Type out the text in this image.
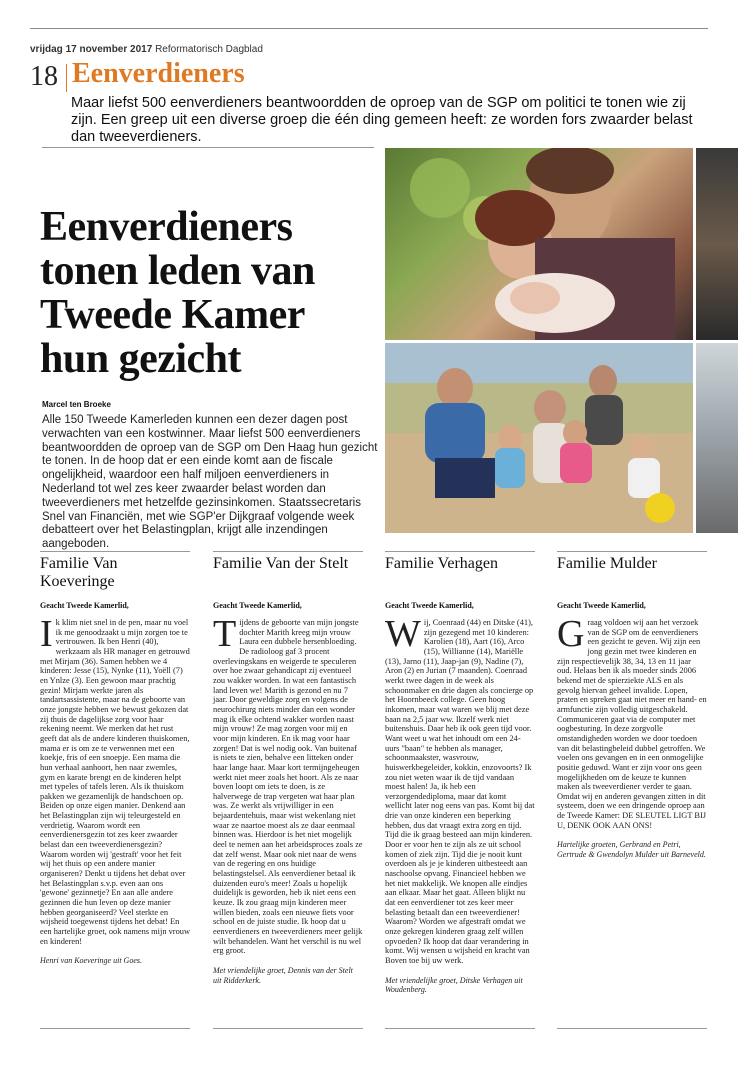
vrijdag 17 november 2017 Reformatorisch Dagblad
18 Eenverdieners
Maar liefst 500 eenverdieners beantwoordden de oproep van de SGP om politici te tonen wie zij zijn. Een greep uit een diverse groep die één ding gemeen heeft: ze worden fors zwaarder belast dan tweeverdieners.
Eenverdieners tonen leden van Tweede Kamer hun gezicht
Marcel ten Broeke
Alle 150 Tweede Kamerleden kunnen een dezer dagen post verwachten van een kostwinner. Maar liefst 500 eenverdieners beantwoordden de oproep van de SGP om Den Haag hun gezicht te tonen. In de hoop dat er een einde komt aan de fiscale ongelijkheid, waardoor een half miljoen eenverdieners in Nederland tot wel zes keer zwaarder belast worden dan tweeverdieners met hetzelfde gezinsinkomen. Staatssecretaris Snel van Financiën, met wie SGP'er Dijkgraaf volgende week debatteert over het Belastingplan, krijgt alle inzendingen aangeboden.
Familie Van Koeveringe
Geacht Tweede Kamerlid,
Ik klim niet snel in de pen, maar nu voel ik me genoodzaakt u mijn zorgen toe te vertrouwen. Ik ben Henri (40), werkzaam als HR manager en getrouwd met Mirjam (36). Samen hebben we 4 kinderen: Jesse (15), Nynke (11), Yoëll (7) en Ynlze (3). Een gewoon maar prachtig gezin! Mirjam werkte jaren als tandartsassistente, maar na de geboorte van onze jongste hebben we bewust gekozen dat zij thuis de dagelijkse zorg voor haar rekening neemt. We merken dat het rust geeft dat als de andere kinderen thuiskomen, mama er is om ze te verwennen met een koekje, fris of een snoepje. Een mama die hun verhaal aanhoort, hen naar zwemles, gym en karate brengt en de kinderen helpt met typeles of tafels leren. Als ik thuiskom pakken we gezamenlijk de handschoen op. Beiden op onze eigen manier. Denkend aan het Belastingplan zijn wij teleurgesteld en verdrietig. Waarom wordt een eenverdienersgezin tot zes keer zwaarder belast dan een tweeverdienersgezin? Waarom worden wij 'gestraft' voor het feit wij het thuis op een andere manier organiseren? Denkt u tijdens het debat over het Belastingplan s.v.p. even aan ons 'gewone' gezinnetje? En aan alle andere gezinnen die hun leven op deze manier hebben georganiseerd? Veel sterkte en wijsheid toegewenst tijdens het debat! En een hartelijke groet, ook namens mijn vrouw en kinderen!
Henri van Koeveringe uit Goes.
Familie Van der Stelt
Geacht Tweede Kamerlid,
Tijdens de geboorte van mijn jongste dochter Marith kreeg mijn vrouw Laura een dubbele hersenbloeding. De radioloog gaf 3 procent overlevingskans en weigerde te speculeren over hoe zwaar gehandicapt zij eventueel zou wakker worden. In wat een fantastisch land leven we! Marith is gezond en nu 7 jaar. Door geweldige zorg en volgens de neurochirurg niets minder dan een wonder mag ik elke ochtend wakker worden naast mijn vrouw! Ze mag zorgen voor mij en voor mijn kinderen. En ik mag voor haar zorgen! Dat is wel nodig ook. Van buitenaf is niets te zien, behalve een litteken onder haar lange haar. Maar kort termijngeheugen werkt niet meer zoals het hoort. Als ze naar boven loopt om iets te doen, is ze halverwege de trap vergeten wat haar plan was. Ze werkt als vrijwilliger in een bejaardentehuis, maar wist wekenlang niet waar ze naartoe moest als ze daar eenmaal binnen was. Hierdoor is het niet mogelijk deel te nemen aan het arbeidsproces zoals ze dat zelf wenst. Maar ook niet naar de wens van de regering en ons huidige belastingstelsel. Als eenverdiener betaal ik duizenden euro's meer! Zoals u hopelijk duidelijk is geworden, heb ik niet eens een keuze. Ik zou graag mijn kinderen meer willen bieden, zoals een nieuwe fiets voor school en de juiste studie. Ik hoop dat u eenverdieners en tweeverdieners meer gelijk wilt behandelen. Want het verschil is nu wel erg groot.
Met vriendelijke groet, Dennis van der Stelt uit Ridderkerk.
Familie Verhagen
Geacht Tweede Kamerlid,
Wij, Coenraad (44) en Ditske (41), zijn gezegend met 10 kinderen: Karolien (18), Aart (16), Arco (15), Willianne (14), Mariëlle (13), Jarno (11), Jaap-jan (9), Nadine (7), Aron (2) en Jurian (7 maanden). Coenraad werkt twee dagen in de week als schoonmaker en drie dagen als concierge op het Hoornbeeck college. Geen hoog inkomen, maar wat waren we blij met deze baan na 2,5 jaar ww. Ikzelf werk niet buitenshuis. Daar heb ik ook geen tijd voor. Want weet u wat het inhoudt om een 24-uurs "baan" te hebben als manager, schoonmaakster, wasvrouw, huiswerkbegeleider, kokkin, enzovoorts? Ik zou niet weten waar ik de tijd vandaan moest halen! Ja, ik heb een verzorgendediploma, maar dat komt wellicht later nog eens van pas. Komt bij dat drie van onze kinderen een beperking hebben, dus dat vraagt extra zorg en tijd. Tijd die ik graag besteed aan mijn kinderen. Door er voor hen te zijn als ze uit school komen of ziek zijn. Tijd die je nooit kunt overdoen als je je kinderen uitbesteedt aan naschoolse opvang. Financieel hebben we het niet makkelijk. We knopen alle eindjes aan elkaar. Maar het gaat. Alleen blijkt nu dat een eenverdiener tot zes keer meer belasting betaalt dan een tweeverdiener! Waarom? Worden we afgestraft omdat we onze gekregen kinderen graag zelf willen opvoeden? Ik hoop dat daar verandering in komt. Wij wensen u wijsheid en kracht van Boven toe bij uw werk.
Met vriendelijke groet, Ditske Verhagen uit Woudenberg.
Familie Mulder
Geacht Tweede Kamerlid,
Graag voldoen wij aan het verzoek van de SGP om de eenverdieners een gezicht te geven. Wij zijn een jong gezin met twee kinderen en zijn respectievelijk 38, 34, 13 en 11 jaar oud. Helaas ben ik als moeder sinds 2006 bekend met de spierziekte ALS en als gevolg hiervan geheel invalide. Lopen, praten en spreken gaat niet meer en hand- en armfunctie zijn volledig uitgeschakeld. Communiceren gaat via de computer met oogbesturing. In deze zorgvolle omstandigheden worden we door toedoen van dit belastingbeleid dubbel getroffen. We voelen ons gevangen en in een onmogelijke positie geduwd. Want er zijn voor ons geen mogelijkheden om de keuze te kunnen maken als tweeverdiener verder te gaan. Omdat wij en anderen gevangen zitten in dit systeem, doen we een dringende oproep aan de Tweede Kamer: DE SLEUTEL LIGT BIJ U, DENK OOK AAN ONS!
Hartelijke groeten, Gerbrand en Petri, Gertrude & Gwendolyn Mulder uit Barneveld.
